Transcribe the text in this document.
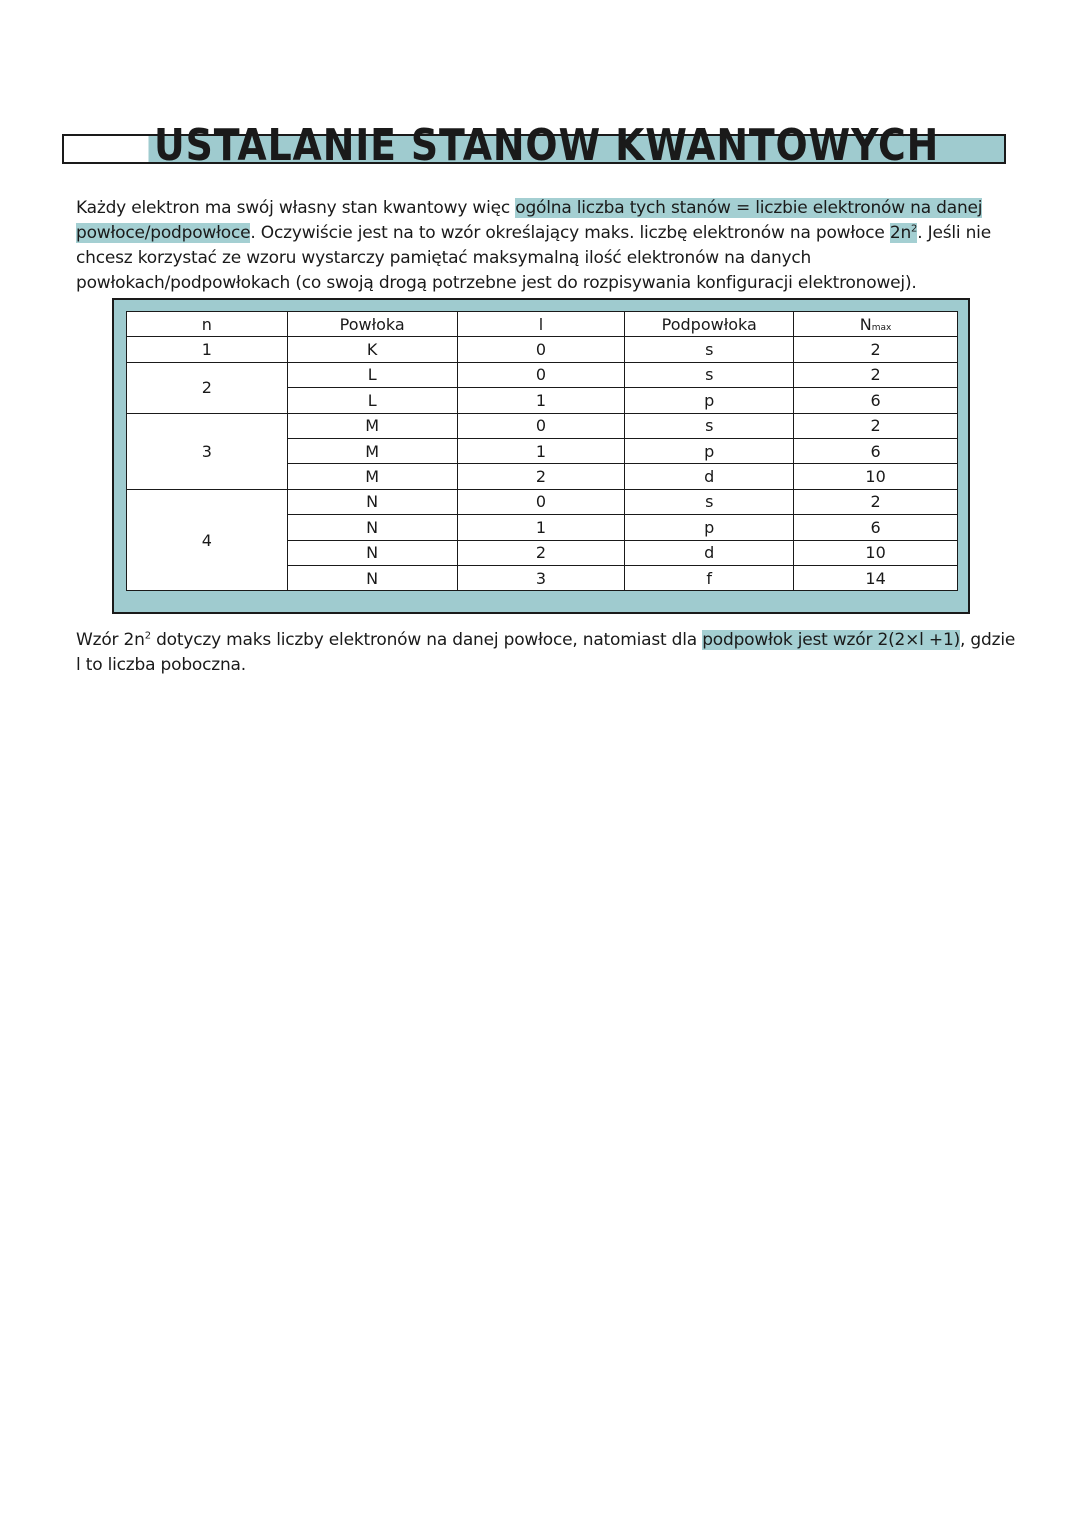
USTALANIE STANOW KWANTOWYCH

Każdy elektron ma swój własny stan kwantowy więc ogólna liczba tych stanów = liczbie elektronów na danej powłoce/podpowłoce. Oczywiście jest na to wzór określający maks. liczbę elektronów na powłoce $2n^2$. Jeśli nie chcesz korzystać ze wzoru wystarczy pamiętać maksymalną ilość elektronów na danych powłokach/podpowłokach (co swoją drogą potrzebne jest do rozpisywania konfiguracji elektronowej).

n	Powłoka	l	Podpowłoka	Nmax
1	K	0	s	2
2	L	0	s	2
	L	1	p	6
3	M	0	s	2
	M	1	p	6
	M	2	d	10
4	N	0	s	2
	N	1	p	6
	N	2	d	10
	N	3	f	14

Wzór $2n^2$ dotyczy maks liczby elektronów na danej powłoce, natomiast dla podpowłok jest wzór 2(2×l +1), gdzie l to liczba poboczna.
